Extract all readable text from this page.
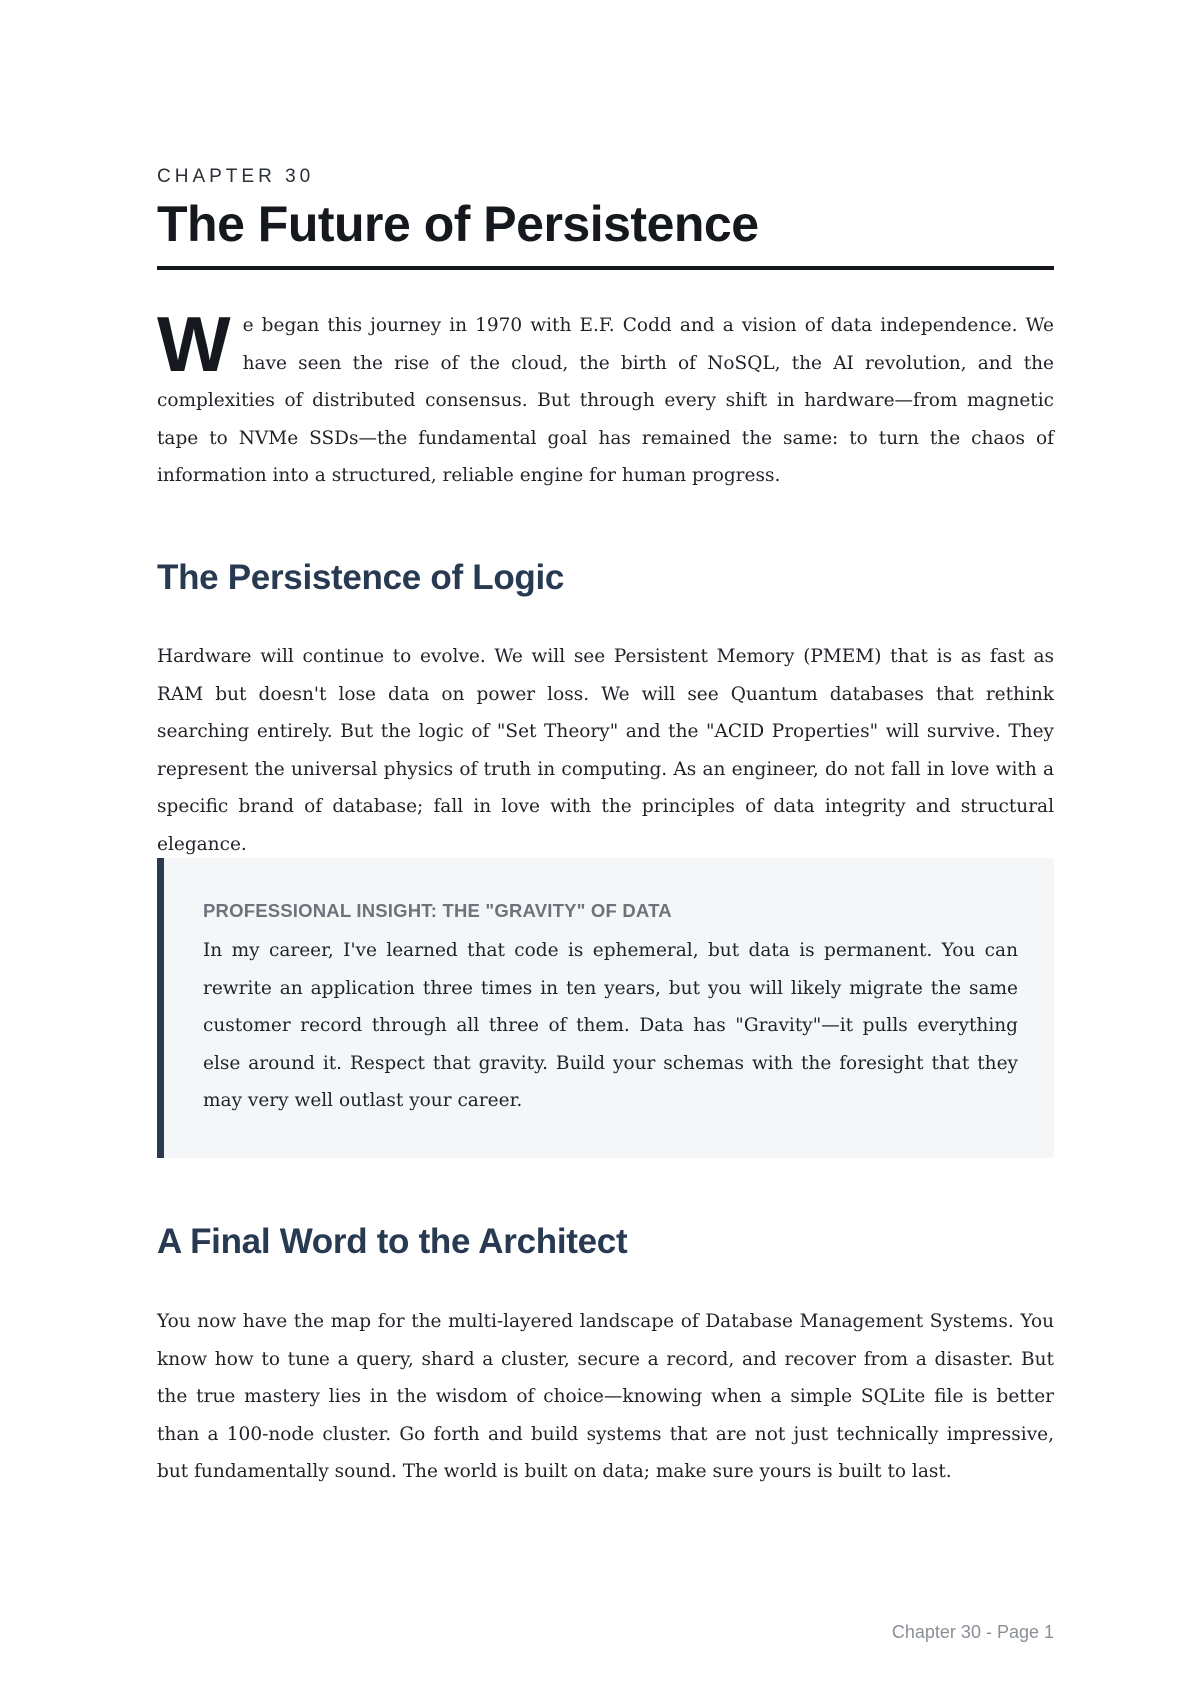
CHAPTER 30
The Future of Persistence

We began this journey in 1970 with E.F. Codd and a vision of data independence. We have seen the rise of the cloud, the birth of NoSQL, the AI revolution, and the complexities of distributed consensus. But through every shift in hardware—from magnetic tape to NVMe SSDs—the fundamental goal has remained the same: to turn the chaos of information into a structured, reliable engine for human progress.

The Persistence of Logic

Hardware will continue to evolve. We will see Persistent Memory (PMEM) that is as fast as RAM but doesn't lose data on power loss. We will see Quantum databases that rethink searching entirely. But the logic of "Set Theory" and the "ACID Properties" will survive. They represent the universal physics of truth in computing. As an engineer, do not fall in love with a specific brand of database; fall in love with the principles of data integrity and structural elegance.

PROFESSIONAL INSIGHT: THE "GRAVITY" OF DATA

In my career, I've learned that code is ephemeral, but data is permanent. You can rewrite an application three times in ten years, but you will likely migrate the same customer record through all three of them. Data has "Gravity"—it pulls everything else around it. Respect that gravity. Build your schemas with the foresight that they may very well outlast your career.

A Final Word to the Architect

You now have the map for the multi-layered landscape of Database Management Systems. You know how to tune a query, shard a cluster, secure a record, and recover from a disaster. But the true mastery lies in the wisdom of choice—knowing when a simple SQLite file is better than a 100-node cluster. Go forth and build systems that are not just technically impressive, but fundamentally sound. The world is built on data; make sure yours is built to last.

Chapter 30 - Page 1
